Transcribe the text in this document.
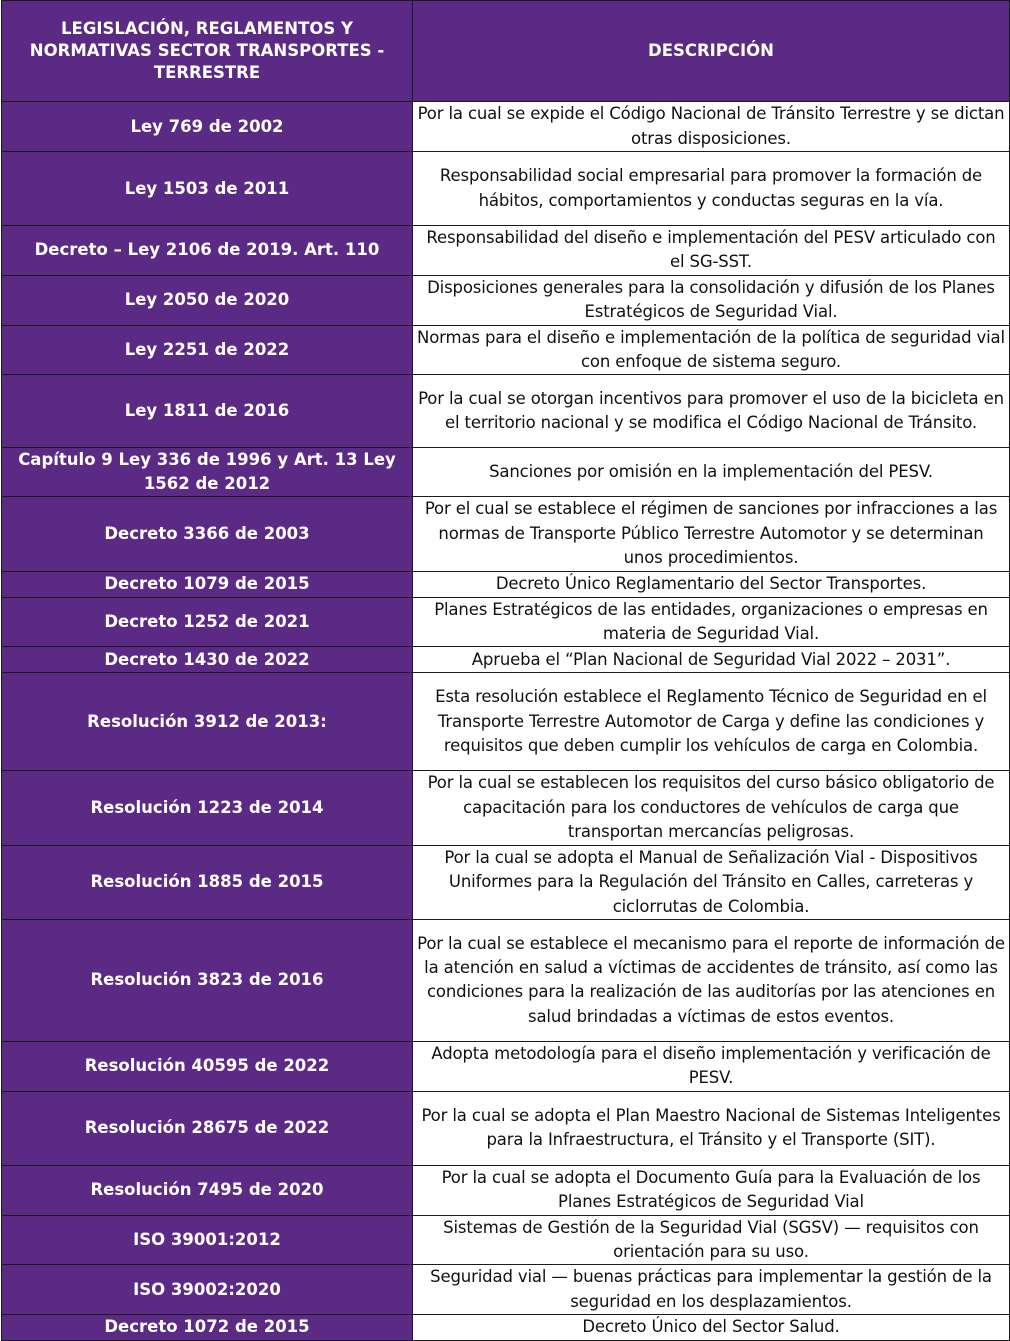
LEGISLACIÓN, REGLAMENTOS Y NORMATIVAS SECTOR TRANSPORTES - TERRESTRE	DESCRIPCIÓN
Ley 769 de 2002	Por la cual se expide el Código Nacional de Tránsito Terrestre y se dictan otras disposiciones.
Ley 1503 de 2011	Responsabilidad social empresarial para promover la formación de hábitos, comportamientos y conductas seguras en la vía.
Decreto – Ley 2106 de 2019. Art. 110	Responsabilidad del diseño e implementación del PESV articulado con el SG-SST.
Ley 2050 de 2020	Disposiciones generales para la consolidación y difusión de los Planes Estratégicos de Seguridad Vial.
Ley 2251 de 2022	Normas para el diseño e implementación de la política de seguridad vial con enfoque de sistema seguro.
Ley 1811 de 2016	Por la cual se otorgan incentivos para promover el uso de la bicicleta en el territorio nacional y se modifica el Código Nacional de Tránsito.
Capítulo 9 Ley 336 de 1996 y Art. 13 Ley 1562 de 2012	Sanciones por omisión en la implementación del PESV.
Decreto 3366 de 2003	Por el cual se establece el régimen de sanciones por infracciones a las normas de Transporte Público Terrestre Automotor y se determinan unos procedimientos.
Decreto 1079 de 2015	Decreto Único Reglamentario del Sector Transportes.
Decreto 1252 de 2021	Planes Estratégicos de las entidades, organizaciones o empresas en materia de Seguridad Vial.
Decreto 1430 de 2022	Aprueba el “Plan Nacional de Seguridad Vial 2022 – 2031”.
Resolución 3912 de 2013:	Esta resolución establece el Reglamento Técnico de Seguridad en el Transporte Terrestre Automotor de Carga y define las condiciones y requisitos que deben cumplir los vehículos de carga en Colombia.
Resolución 1223 de 2014	Por la cual se establecen los requisitos del curso básico obligatorio de capacitación para los conductores de vehículos de carga que transportan mercancías peligrosas.
Resolución 1885 de 2015	Por la cual se adopta el Manual de Señalización Vial - Dispositivos Uniformes para la Regulación del Tránsito en Calles, carreteras y ciclorrutas de Colombia.
Resolución 3823 de 2016	Por la cual se establece el mecanismo para el reporte de información de la atención en salud a víctimas de accidentes de tránsito, así como las condiciones para la realización de las auditorías por las atenciones en salud brindadas a víctimas de estos eventos.
Resolución 40595 de 2022	Adopta metodología para el diseño implementación y verificación de PESV.
Resolución 28675 de 2022	Por la cual se adopta el Plan Maestro Nacional de Sistemas Inteligentes para la Infraestructura, el Tránsito y el Transporte (SIT).
Resolución 7495 de 2020	Por la cual se adopta el Documento Guía para la Evaluación de los Planes Estratégicos de Seguridad Vial
ISO 39001:2012	Sistemas de Gestión de la Seguridad Vial (SGSV) — requisitos con orientación para su uso.
ISO 39002:2020	Seguridad vial — buenas prácticas para implementar la gestión de la seguridad en los desplazamientos.
Decreto 1072 de 2015	Decreto Único del Sector Salud.
